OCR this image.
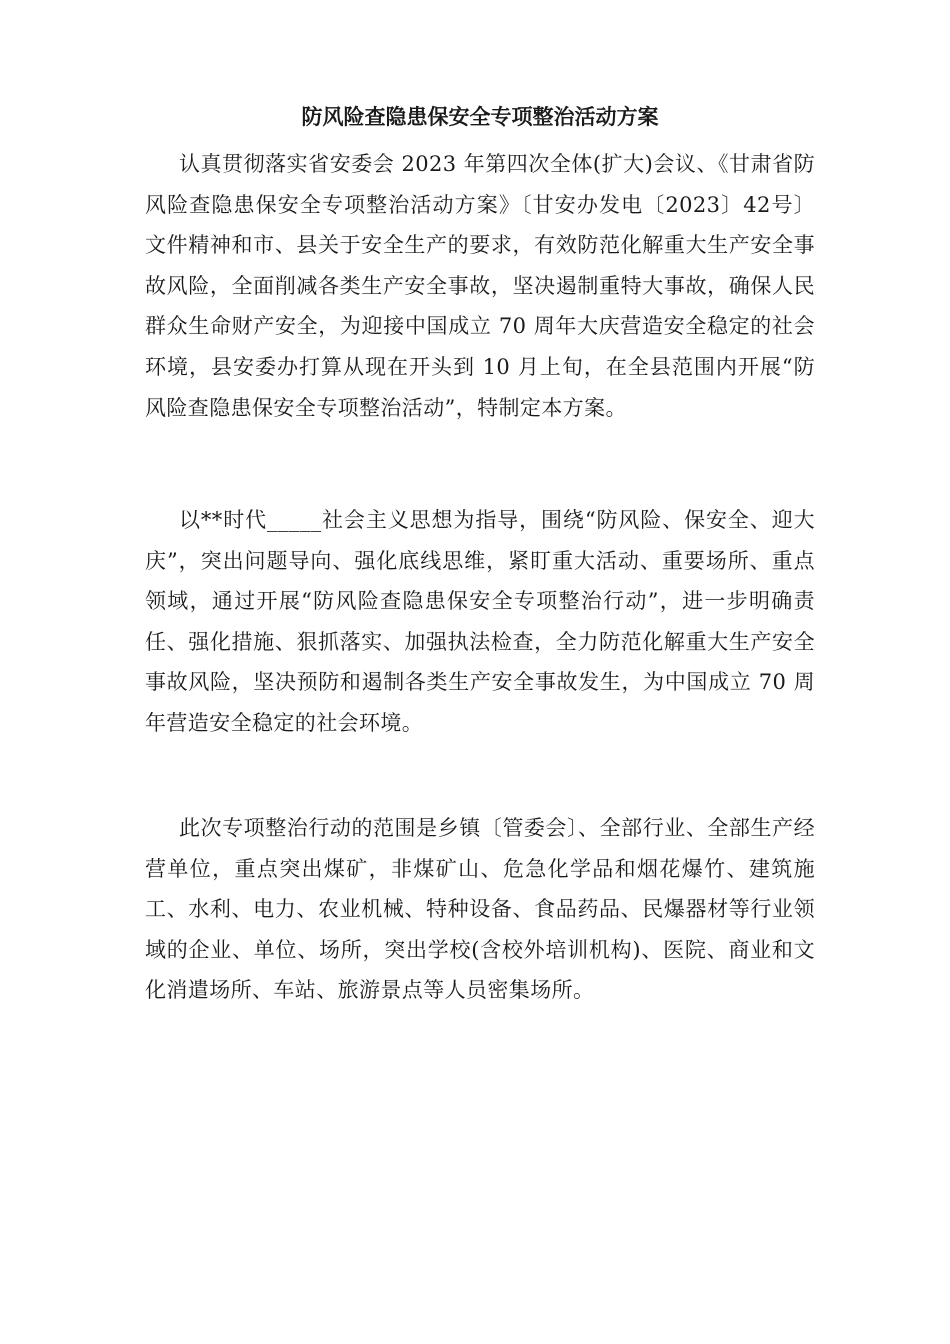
防风险查隐患保安全专项整治活动方案

认真贯彻落实省安委会 2023 年第四次全体(扩大)会议、《甘肃省防风险查隐患保安全专项整治活动方案》〔甘安办发电〔2023〕42号〕文件精神和市、县关于安全生产的要求，有效防范化解重大生产安全事故风险，全面削减各类生产安全事故，坚决遏制重特大事故，确保人民群众生命财产安全，为迎接中国成立 70 周年大庆营造安全稳定的社会环境，县安委办打算从现在开头到 10 月上旬，在全县范围内开展“防风险查隐患保安全专项整治活动”，特制定本方案。

以**时代_____社会主义思想为指导，围绕“防风险、保安全、迎大庆”，突出问题导向、强化底线思维，紧盯重大活动、重要场所、重点领域，通过开展“防风险查隐患保安全专项整治行动”，进一步明确责任、强化措施、狠抓落实、加强执法检查，全力防范化解重大生产安全事故风险，坚决预防和遏制各类生产安全事故发生，为中国成立 70 周年营造安全稳定的社会环境。

此次专项整治行动的范围是乡镇〔管委会〕、全部行业、全部生产经营单位，重点突出煤矿，非煤矿山、危急化学品和烟花爆竹、建筑施工、水利、电力、农业机械、特种设备、食品药品、民爆器材等行业领域的企业、单位、场所，突出学校(含校外培训机构)、医院、商业和文化消遣场所、车站、旅游景点等人员密集场所。
